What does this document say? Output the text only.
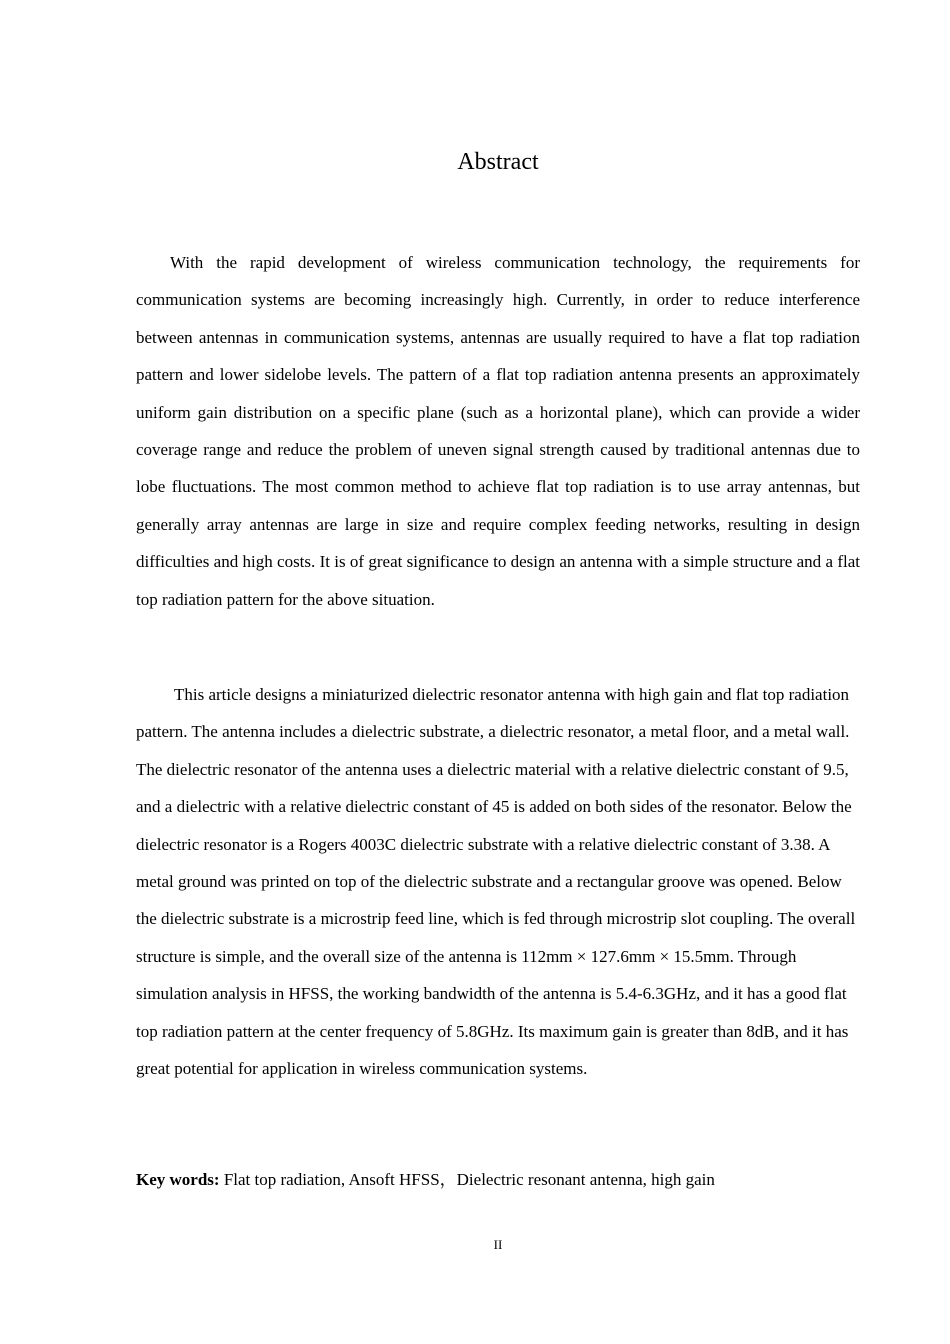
Abstract

With the rapid development of wireless communication technology, the requirements for communication systems are becoming increasingly high. Currently, in order to reduce interference between antennas in communication systems, antennas are usually required to have a flat top radiation pattern and lower sidelobe levels. The pattern of a flat top radiation antenna presents an approximately uniform gain distribution on a specific plane (such as a horizontal plane), which can provide a wider coverage range and reduce the problem of uneven signal strength caused by traditional antennas due to lobe fluctuations. The most common method to achieve flat top radiation is to use array antennas, but generally array antennas are large in size and require complex feeding networks, resulting in design difficulties and high costs. It is of great significance to design an antenna with a simple structure and a flat top radiation pattern for the above situation.

This article designs a miniaturized dielectric resonator antenna with high gain and flat top radiation pattern. The antenna includes a dielectric substrate, a dielectric resonator, a metal floor, and a metal wall. The dielectric resonator of the antenna uses a dielectric material with a relative dielectric constant of 9.5, and a dielectric with a relative dielectric constant of 45 is added on both sides of the resonator. Below the dielectric resonator is a Rogers 4003C dielectric substrate with a relative dielectric constant of 3.38. A metal ground was printed on top of the dielectric substrate and a rectangular groove was opened. Below the dielectric substrate is a microstrip feed line, which is fed through microstrip slot coupling. The overall structure is simple, and the overall size of the antenna is 112mm × 127.6mm × 15.5mm. Through simulation analysis in HFSS, the working bandwidth of the antenna is 5.4-6.3GHz, and it has a good flat top radiation pattern at the center frequency of 5.8GHz. Its maximum gain is greater than 8dB, and it has great potential for application in wireless communication systems.

Key words: Flat top radiation, Ansoft HFSS，Dielectric resonant antenna, high gain
II
